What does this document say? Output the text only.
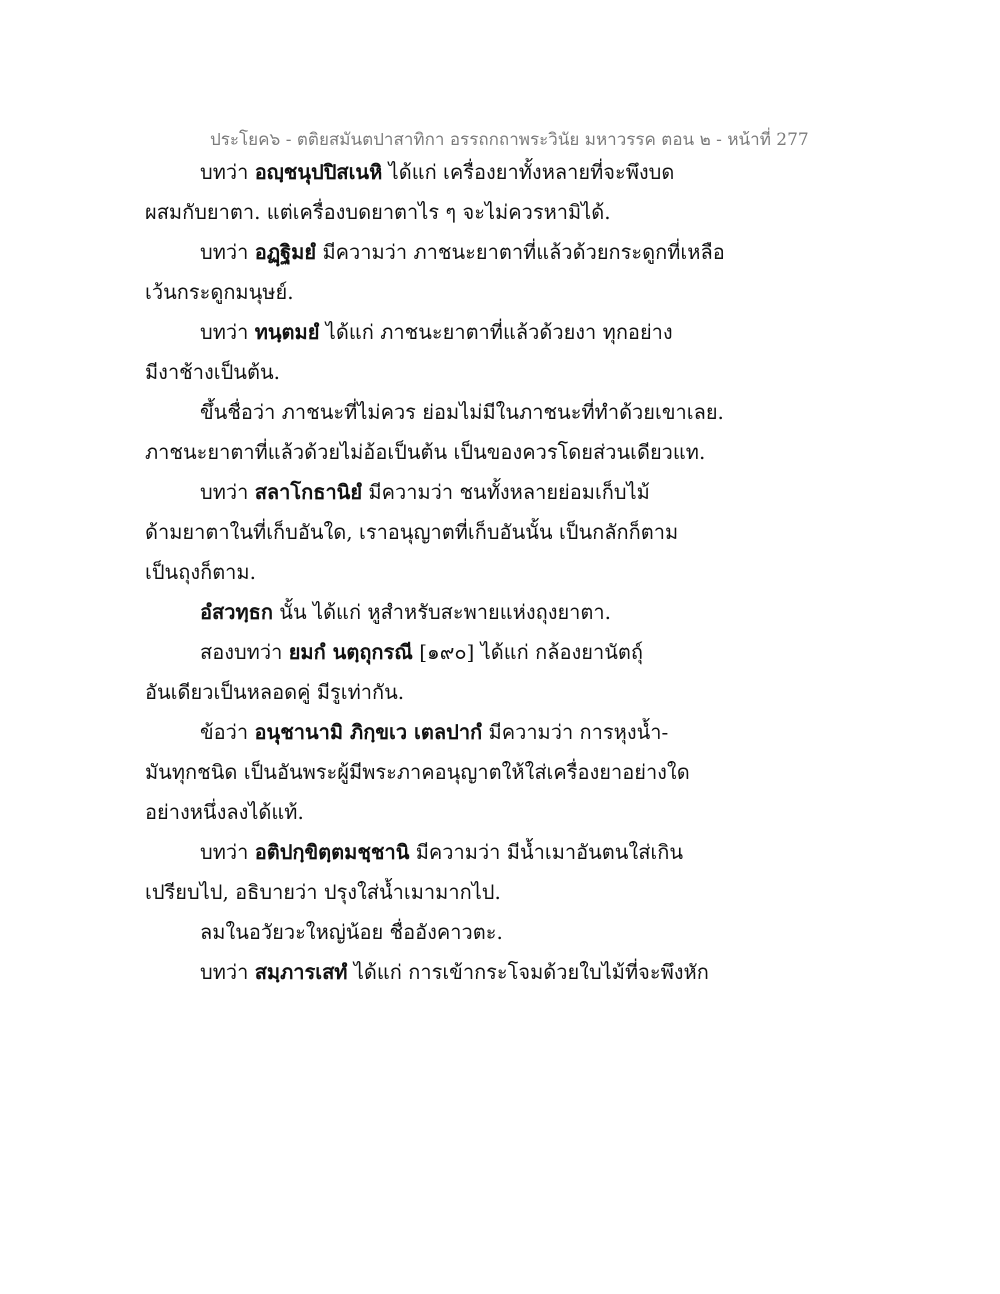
ประโยค๖ - ตติยสมันตปาสาทิกา อรรถกถาพระวินัย มหาวรรค ตอน ๒ - หน้าที่ 277
บทว่า อญฺชนุปปิสเนหิ ได้แก่ เครื่องยาทั้งหลายที่จะพึงบด
ผสมกับยาตา. แต่เครื่องบดยาตาไร ๆ จะไม่ควรหามิได้.
บทว่า อฏฺฐิมยํ มีความว่า ภาชนะยาตาที่แล้วด้วยกระดูกที่เหลือ
เว้นกระดูกมนุษย์.
บทว่า ทนฺตมยํ ได้แก่ ภาชนะยาตาที่แล้วด้วยงา ทุกอย่าง
มีงาช้างเป็นต้น.
ขึ้นชื่อว่า ภาชนะที่ไม่ควร ย่อมไม่มีในภาชนะที่ทำด้วยเขาเลย.
ภาชนะยาตาที่แล้วด้วยไม่อ้อเป็นต้น เป็นของควรโดยส่วนเดียวแท.
บทว่า สลาโกธานิยํ มีความว่า ชนทั้งหลายย่อมเก็บไม้
ด้ามยาตาในที่เก็บอันใด, เราอนุญาตที่เก็บอันนั้น เป็นกลักก็ตาม
เป็นถุงก็ตาม.
อํสวทฺธก นั้น ได้แก่ หูสำหรับสะพายแห่งถุงยาตา.
สองบทว่า ยมกํ นตฺถุกรณี [๑๙๐] ได้แก่ กล้องยานัตถุ์
อันเดียวเป็นหลอดคู่ มีรูเท่ากัน.
ข้อว่า อนุชานามิ ภิกฺขเว เตลปากํ มีความว่า การหุงน้ำ-
มันทุกชนิด เป็นอันพระผู้มีพระภาคอนุญาตให้ใส่เครื่องยาอย่างใด
อย่างหนึ่งลงได้แท้.
บทว่า อติปกฺขิตฺตมชฺชานิ มีความว่า มีน้ำเมาอันตนใส่เกิน
เปรียบไป, อธิบายว่า ปรุงใส่น้ำเมามากไป.
ลมในอวัยวะใหญ่น้อย ชื่ออังคาวตะ.
บทว่า สมฺภารเสทํ ได้แก่ การเข้ากระโจมด้วยใบไม้ที่จะพึงหัก
